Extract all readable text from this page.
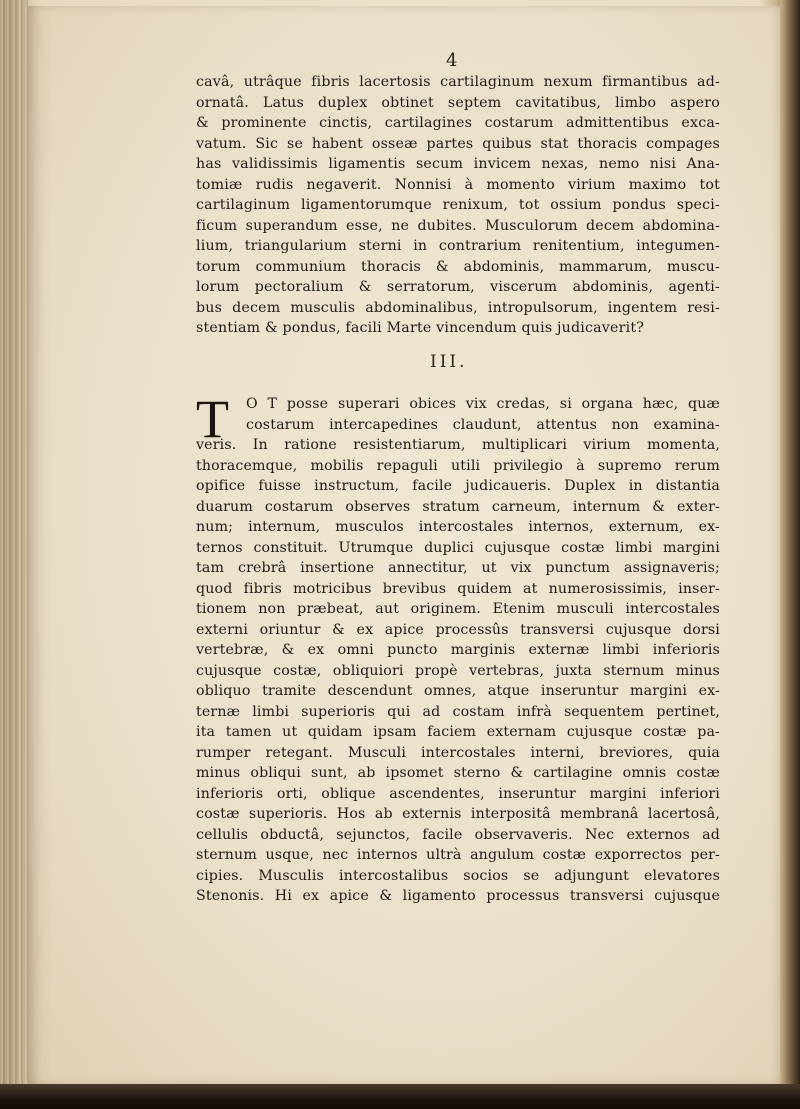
4
cavâ, utrâque fibris lacertosis cartilaginum nexum firmantibus ad-
ornatâ. Latus duplex obtinet septem cavitatibus, limbo aspero
& prominente cinctis, cartilagines costarum admittentibus exca-
vatum. Sic se habent osseæ partes quibus stat thoracis compages
has validissimis ligamentis secum invicem nexas, nemo nisi Ana-
tomiæ rudis negaverit. Nonnisi à momento virium maximo tot
cartilaginum ligamentorumque renixum, tot ossium pondus speci-
ficum superandum esse, ne dubites. Musculorum decem abdomina-
lium, triangularium sterni in contrarium renitentium, integumen-
torum communium thoracis & abdominis, mammarum, muscu-
lorum pectoralium & serratorum, viscerum abdominis, agenti-
bus decem musculis abdominalibus, intropulsorum, ingentem resi-
stentiam & pondus, facili Marte vincendum quis judicaverit?
III.
T	O T posse superari obices vix credas, si organa hæc, quæ
costarum intercapedines claudunt, attentus non examina-
veris. In ratione resistentiarum, multiplicari virium momenta,
thoracemque, mobilis repaguli utili privilegio à supremo rerum
opifice fuisse instructum, facile judicaueris. Duplex in distantia
duarum costarum observes stratum carneum, internum & exter-
num; internum, musculos intercostales internos, externum, ex-
ternos constituit. Utrumque duplici cujusque costæ limbi margini
tam crebrâ insertione annectitur, ut vix punctum assignaveris;
quod fibris motricibus brevibus quidem at numerosissimis, inser-
tionem non præbeat, aut originem. Etenim musculi intercostales
externi oriuntur & ex apice processûs transversi cujusque dorsi
vertebræ, & ex omni puncto marginis externæ limbi inferioris
cujusque costæ, obliquiori propè vertebras, juxta sternum minus
obliquo tramite descendunt omnes, atque inseruntur margini ex-
ternæ limbi superioris qui ad costam infrà sequentem pertinet,
ita tamen ut quidam ipsam faciem externam cujusque costæ pa-
rumper retegant. Musculi intercostales interni, breviores, quia
minus obliqui sunt, ab ipsomet sterno & cartilagine omnis costæ
inferioris orti, oblique ascendentes, inseruntur margini inferiori
costæ superioris. Hos ab externis interpositâ membranâ lacertosâ,
cellulis obductâ, sejunctos, facile observaveris. Nec externos ad
sternum usque, nec internos ultrà angulum costæ exporrectos per-
cipies. Musculis intercostalibus socios se adjungunt elevatores
Stenonis. Hi ex apice & ligamento processus transversi cujusque
